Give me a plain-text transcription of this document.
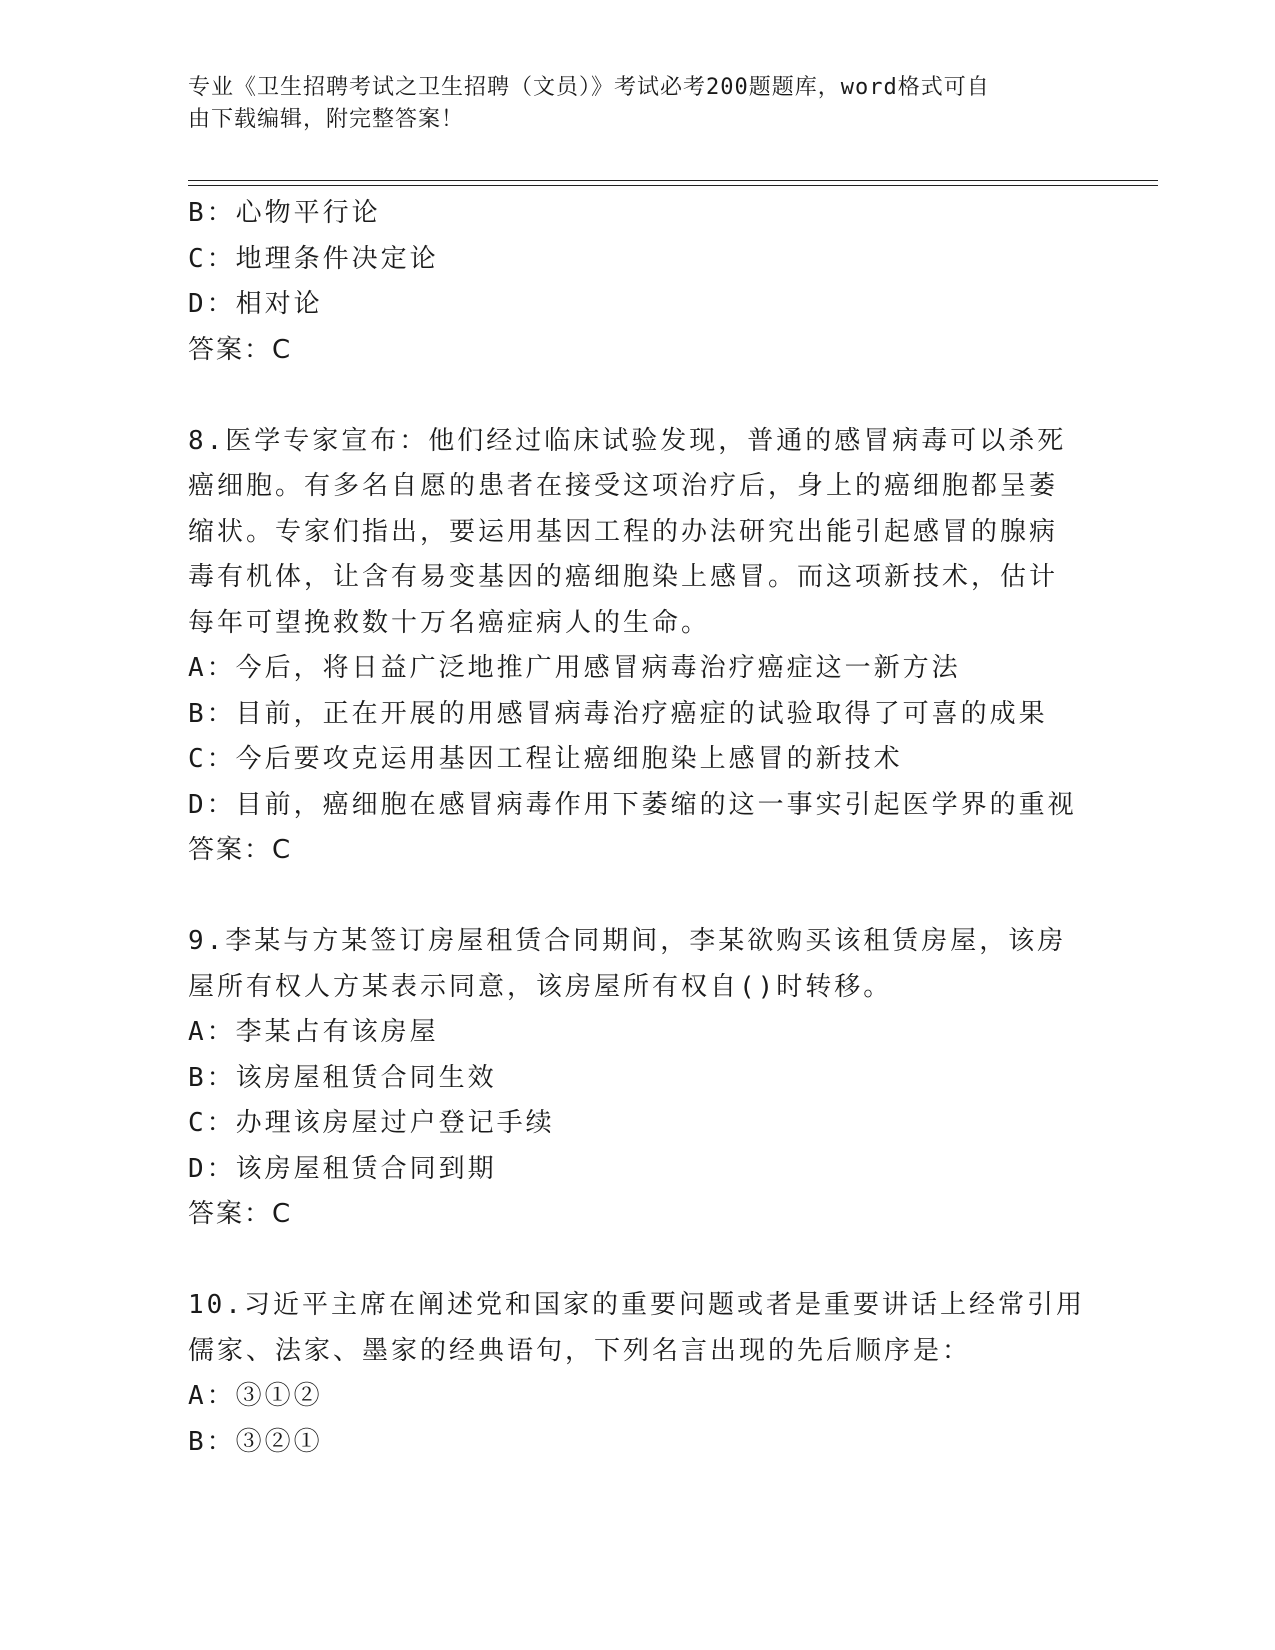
专业《卫生招聘考试之卫生招聘（文员）》考试必考200题题库，word格式可自
由下载编辑，附完整答案！
B：心物平行论
C：地理条件决定论
D：相对论
答案：C
8.医学专家宣布：他们经过临床试验发现，普通的感冒病毒可以杀死
癌细胞。有多名自愿的患者在接受这项治疗后，身上的癌细胞都呈萎
缩状。专家们指出，要运用基因工程的办法研究出能引起感冒的腺病
毒有机体，让含有易变基因的癌细胞染上感冒。而这项新技术，估计
每年可望挽救数十万名癌症病人的生命。
A：今后，将日益广泛地推广用感冒病毒治疗癌症这一新方法
B：目前，正在开展的用感冒病毒治疗癌症的试验取得了可喜的成果
C：今后要攻克运用基因工程让癌细胞染上感冒的新技术
D：目前，癌细胞在感冒病毒作用下萎缩的这一事实引起医学界的重视
答案：C
9.李某与方某签订房屋租赁合同期间，李某欲购买该租赁房屋，该房
屋所有权人方某表示同意，该房屋所有权自()时转移。
A：李某占有该房屋
B：该房屋租赁合同生效
C：办理该房屋过户登记手续
D：该房屋租赁合同到期
答案：C
10.习近平主席在阐述党和国家的重要问题或者是重要讲话上经常引用
儒家、法家、墨家的经典语句，下列名言出现的先后顺序是：
A：③①②
B：③②①
